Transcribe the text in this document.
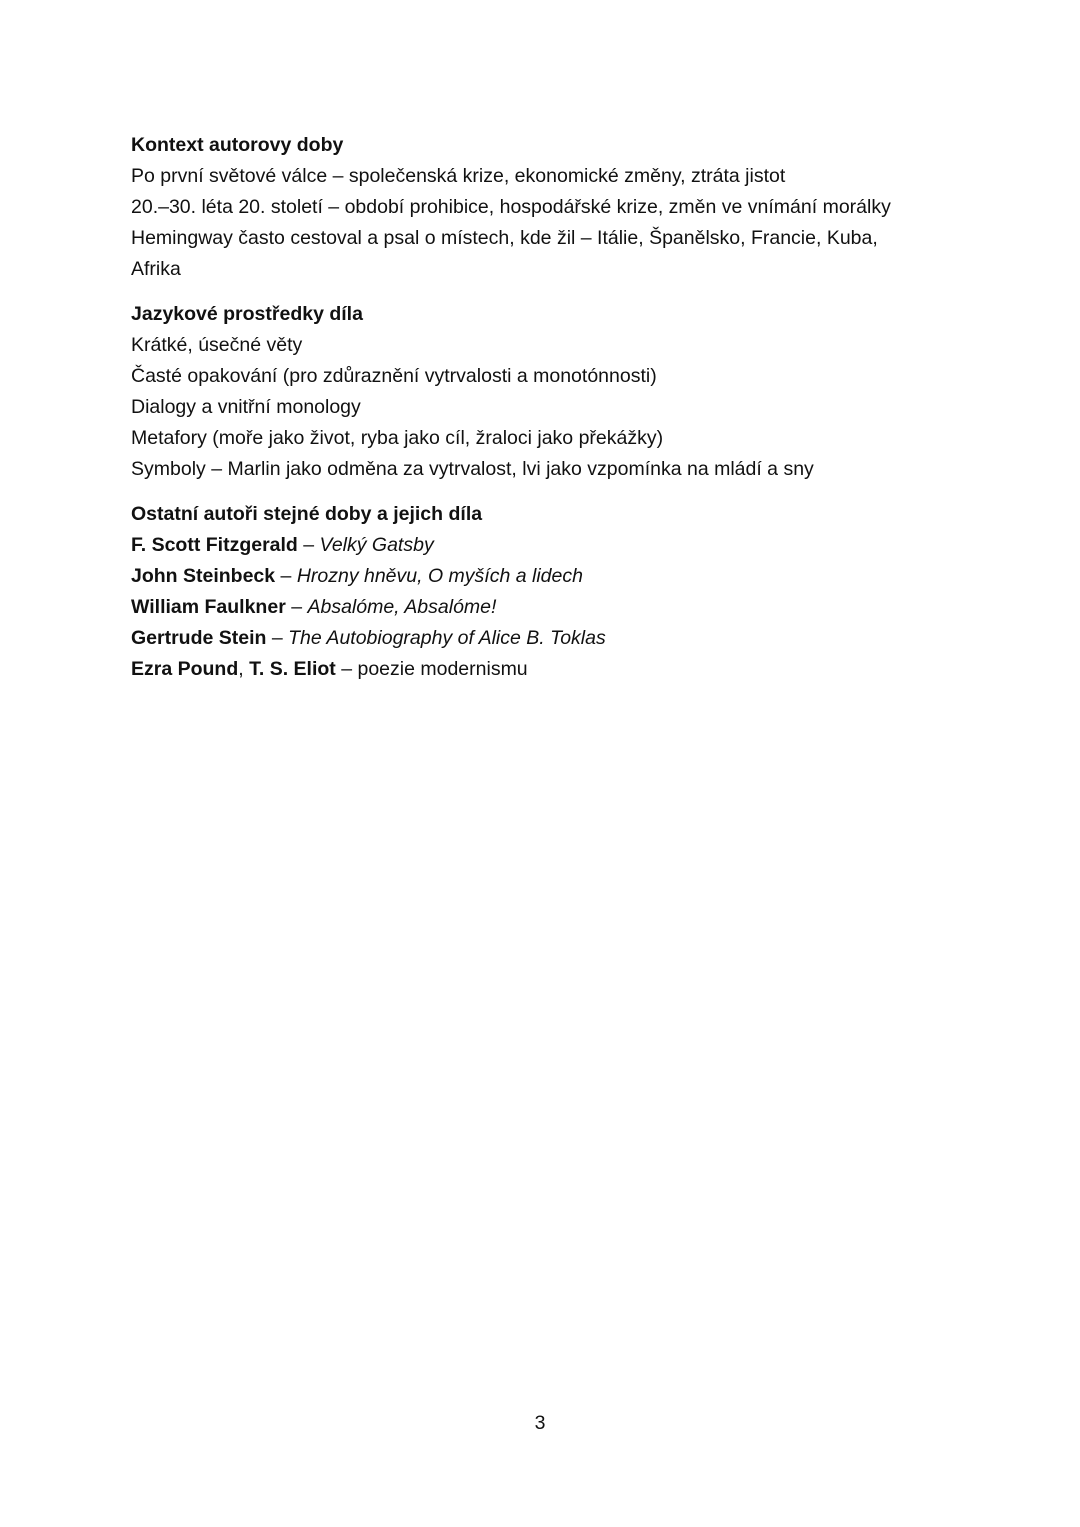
Kontext autorovy doby
Po první světové válce – společenská krize, ekonomické změny, ztráta jistot
20.–30. léta 20. století – období prohibice, hospodářské krize, změn ve vnímání morálky
Hemingway často cestoval a psal o místech, kde žil – Itálie, Španělsko, Francie, Kuba, Afrika
Jazykové prostředky díla
Krátké, úsečné věty
Časté opakování (pro zdůraznění vytrvalosti a monotónnosti)
Dialogy a vnitřní monology
Metafory (moře jako život, ryba jako cíl, žraloci jako překážky)
Symboly – Marlin jako odměna za vytrvalost, lvi jako vzpomínka na mládí a sny
Ostatní autoři stejné doby a jejich díla
F. Scott Fitzgerald – Velký Gatsby
John Steinbeck – Hrozny hněvu, O myších a lidech
William Faulkner – Absalóme, Absalóme!
Gertrude Stein – The Autobiography of Alice B. Toklas
Ezra Pound, T. S. Eliot – poezie modernismu
3
